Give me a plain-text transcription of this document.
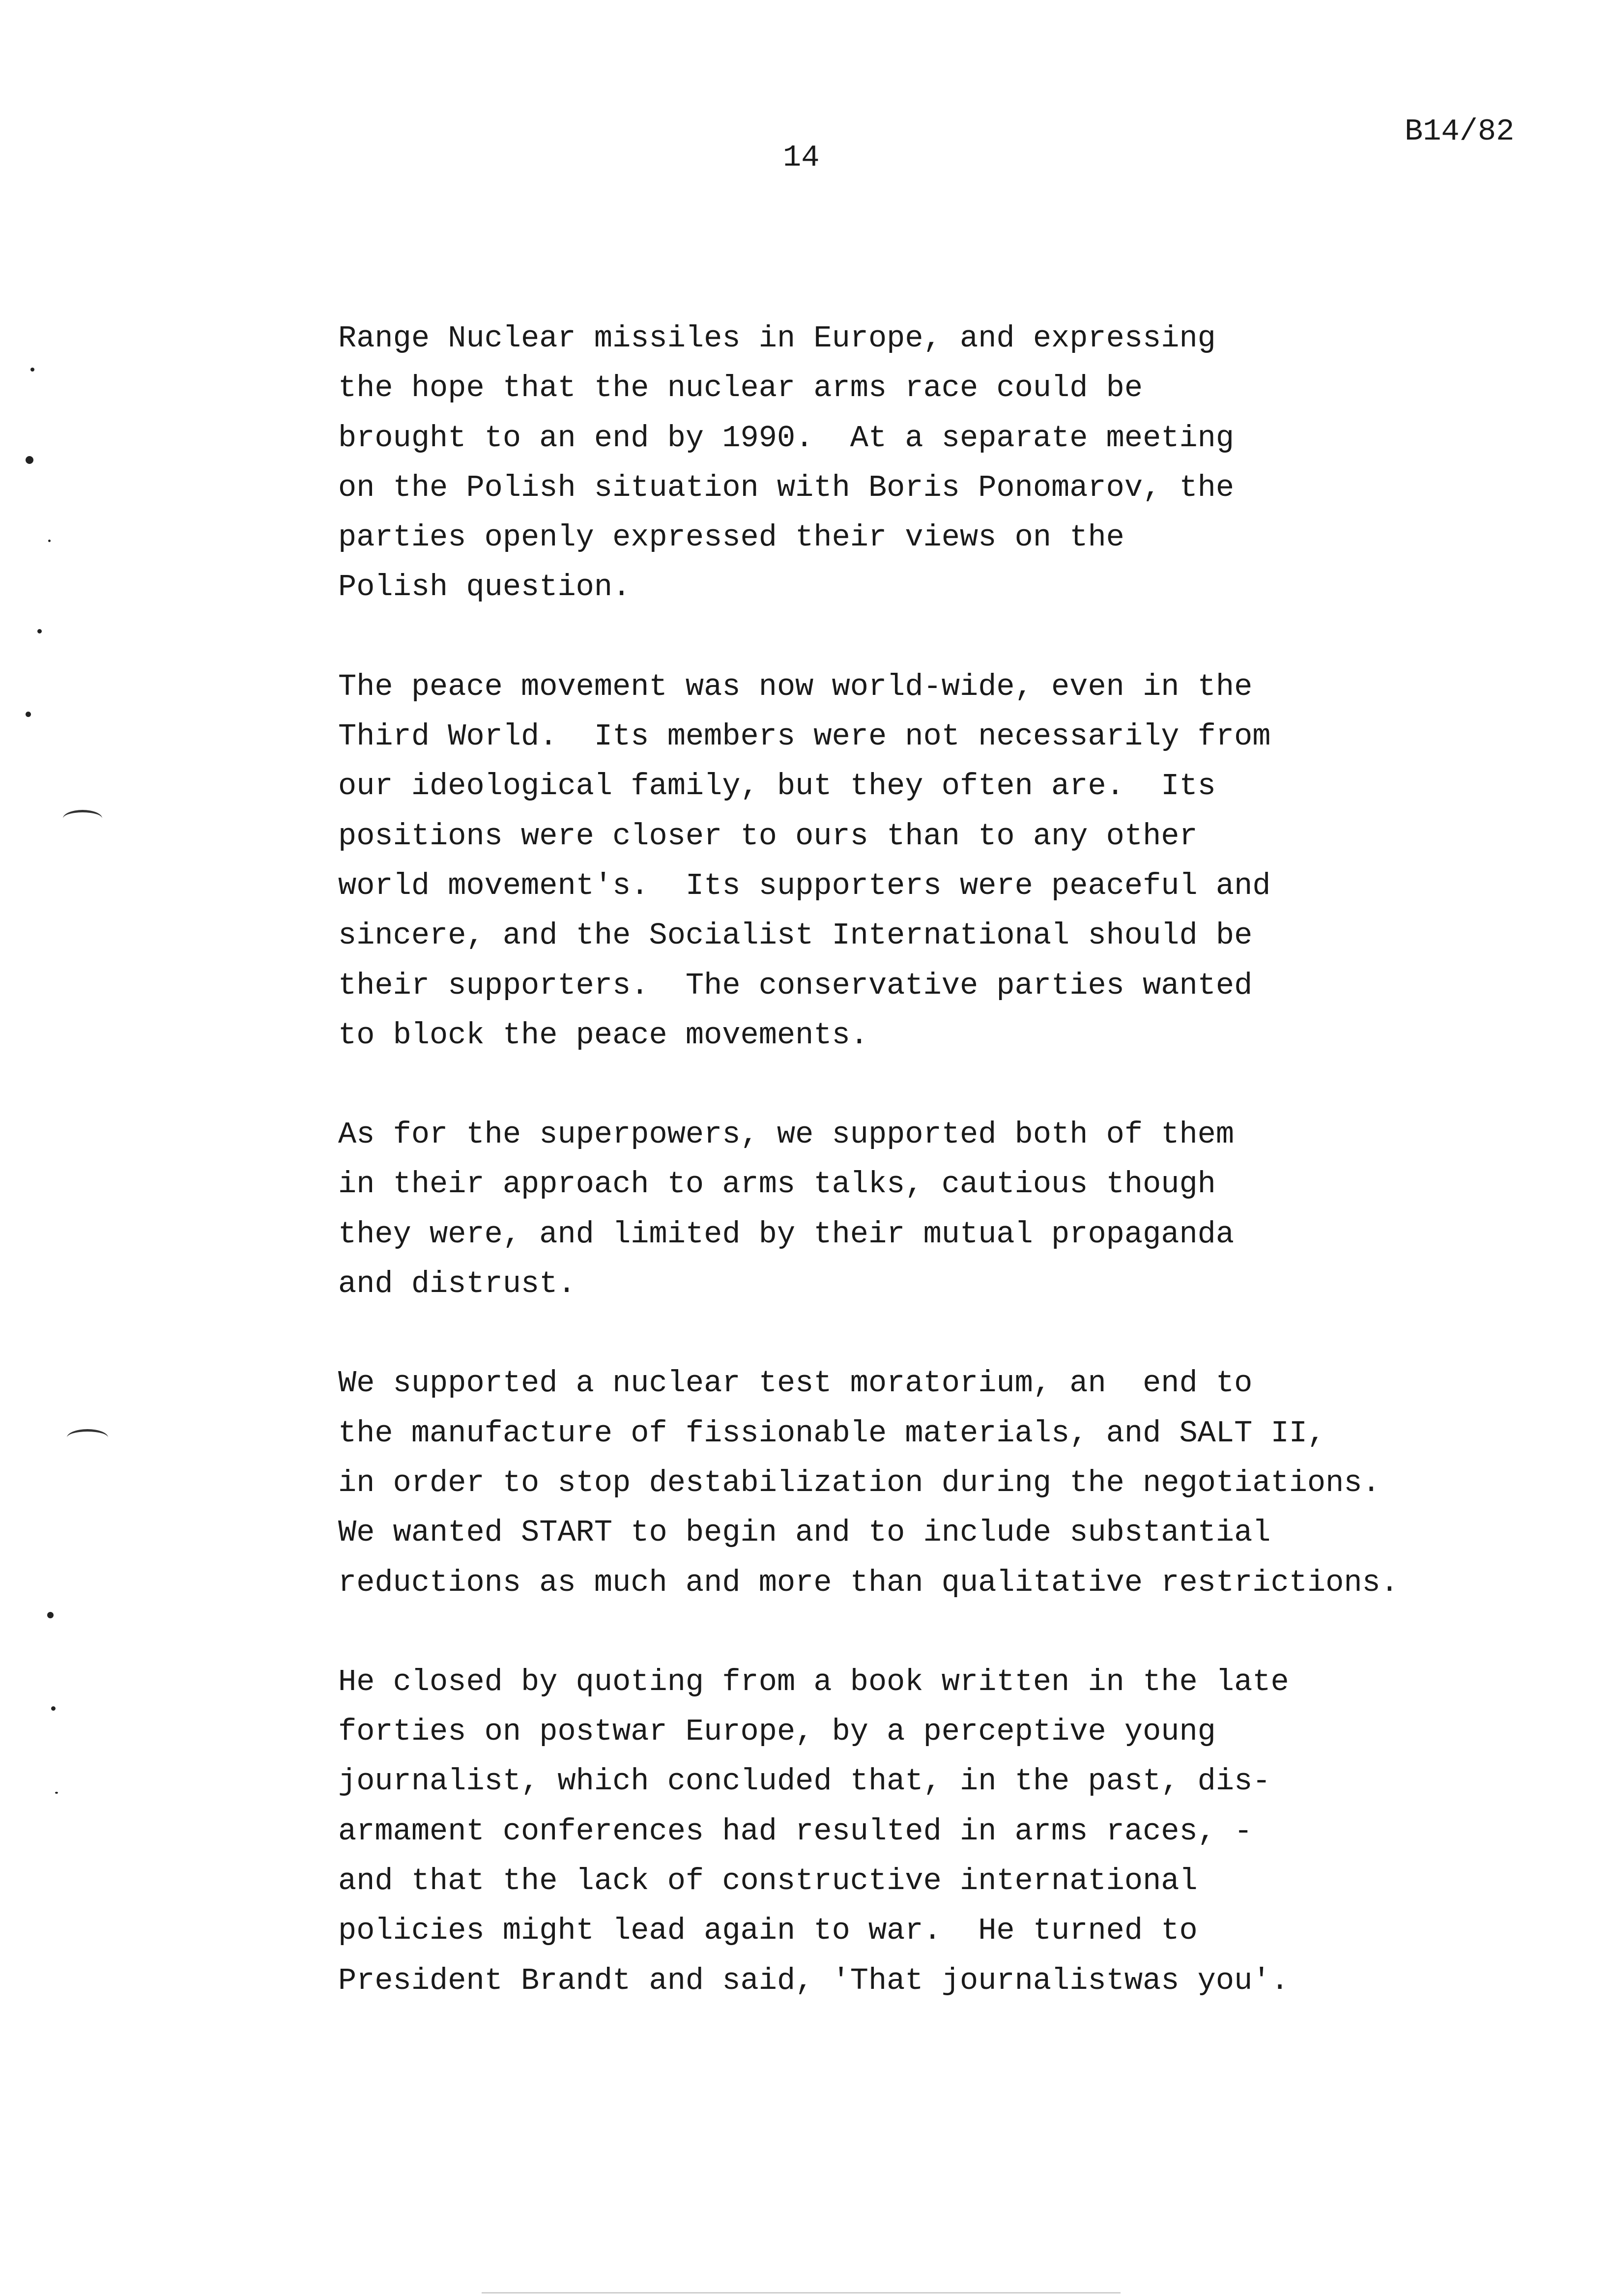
14
B14/82
Range Nuclear missiles in Europe, and expressing
the hope that the nuclear arms race could be
brought to an end by 1990.  At a separate meeting
on the Polish situation with Boris Ponomarov, the
parties openly expressed their views on the
Polish question.
The peace movement was now world-wide, even in the
Third World.  Its members were not necessarily from
our ideological family, but they often are.  Its
positions were closer to ours than to any other
world movement's.  Its supporters were peaceful and
sincere, and the Socialist International should be
their supporters.  The conservative parties wanted
to block the peace movements.
As for the superpowers, we supported both of them
in their approach to arms talks, cautious though
they were, and limited by their mutual propaganda
and distrust.
We supported a nuclear test moratorium, an  end to
the manufacture of fissionable materials, and SALT II,
in order to stop destabilization during the negotiations.
We wanted START to begin and to include substantial
reductions as much and more than qualitative restrictions.
He closed by quoting from a book written in the late
forties on postwar Europe, by a perceptive young
journalist, which concluded that, in the past, dis-
armament conferences had resulted in arms races, -
and that the lack of constructive international
policies might lead again to war.  He turned to
President Brandt and said, 'That journalistwas you'.
